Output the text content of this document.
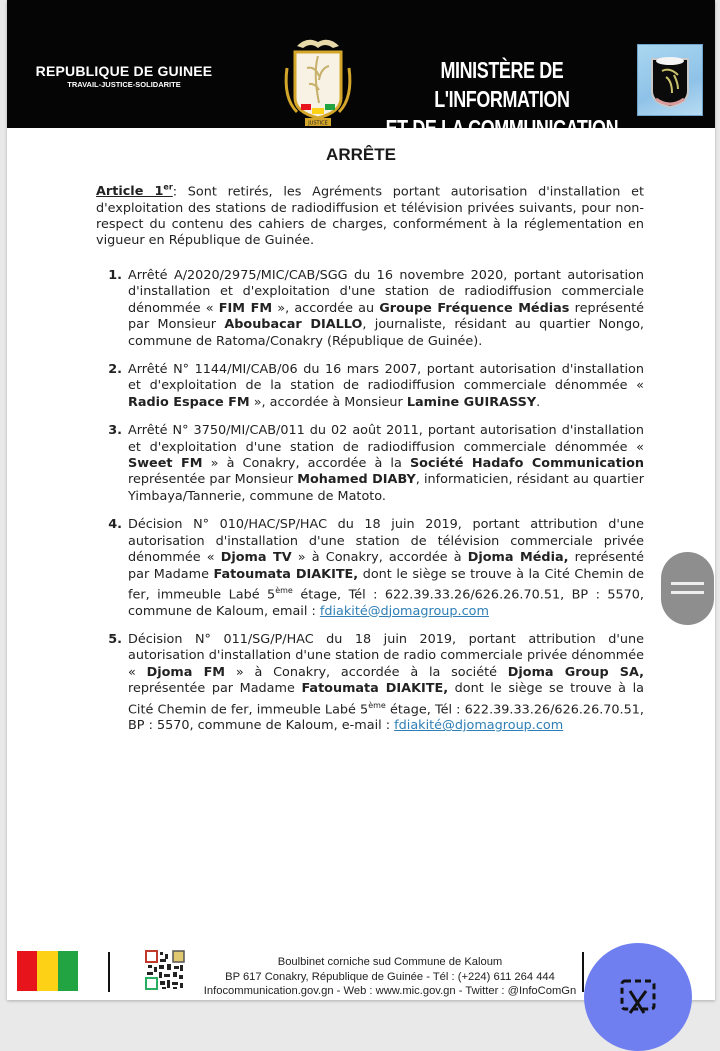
REPUBLIQUE DE GUINEE
TRAVAIL-JUSTICE-SOLIDARITE
JUSTICE
MINISTÈRE DE L'INFORMATION
ET DE LA COMMUNICATION
ARRÊTE
Article 1er: Sont retirés, les Agréments portant autorisation d'installation et d'exploitation des stations de radiodiffusion et télévision privées suivants, pour non-respect du contenu des cahiers de charges, conformément à la réglementation en vigueur en République de Guinée.
1. Arrêté A/2020/2975/MIC/CAB/SGG du 16 novembre 2020, portant autorisation d'installation et d'exploitation d'une station de radiodiffusion commerciale dénommée « FIM FM », accordée au Groupe Fréquence Médias représenté par Monsieur Aboubacar DIALLO, journaliste, résidant au quartier Nongo, commune de Ratoma/Conakry (République de Guinée).
2. Arrêté N° 1144/MI/CAB/06 du 16 mars 2007, portant autorisation d'installation et d'exploitation de la station de radiodiffusion commerciale dénommée « Radio Espace FM », accordée à Monsieur Lamine GUIRASSY.
3. Arrêté N° 3750/MI/CAB/011 du 02 août 2011, portant autorisation d'installation et d'exploitation d'une station de radiodiffusion commerciale dénommée « Sweet FM » à Conakry, accordée à la Société Hadafo Communication représentée par Monsieur Mohamed DIABY, informaticien, résidant au quartier Yimbaya/Tannerie, commune de Matoto.
4. Décision N° 010/HAC/SP/HAC du 18 juin 2019, portant attribution d'une autorisation d'installation d'une station de télévision commerciale privée dénommée « Djoma TV » à Conakry, accordée à Djoma Média, représenté par Madame Fatoumata DIAKITE, dont le siège se trouve à la Cité Chemin de fer, immeuble Labé 5ème étage, Tél : 622.39.33.26/626.26.70.51, BP : 5570, commune de Kaloum, email : fdiakité@djomagroup.com
5. Décision N° 011/SG/P/HAC du 18 juin 2019, portant attribution d'une autorisation d'installation d'une station de radio commerciale privée dénommée « Djoma FM » à Conakry, accordée à la société Djoma Group SA, représentée par Madame Fatoumata DIAKITE, dont le siège se trouve à la Cité Chemin de fer, immeuble Labé 5ème étage, Tél : 622.39.33.26/626.26.70.51, BP : 5570, commune de Kaloum, e-mail : fdiakité@djomagroup.com
Boulbinet corniche sud Commune de Kaloum
BP 617 Conakry, République de Guinée - Tél : (+224) 611 264 444
Infocommunication.gov.gn - Web : www.mic.gov.gn - Twitter : @InfoComGn
